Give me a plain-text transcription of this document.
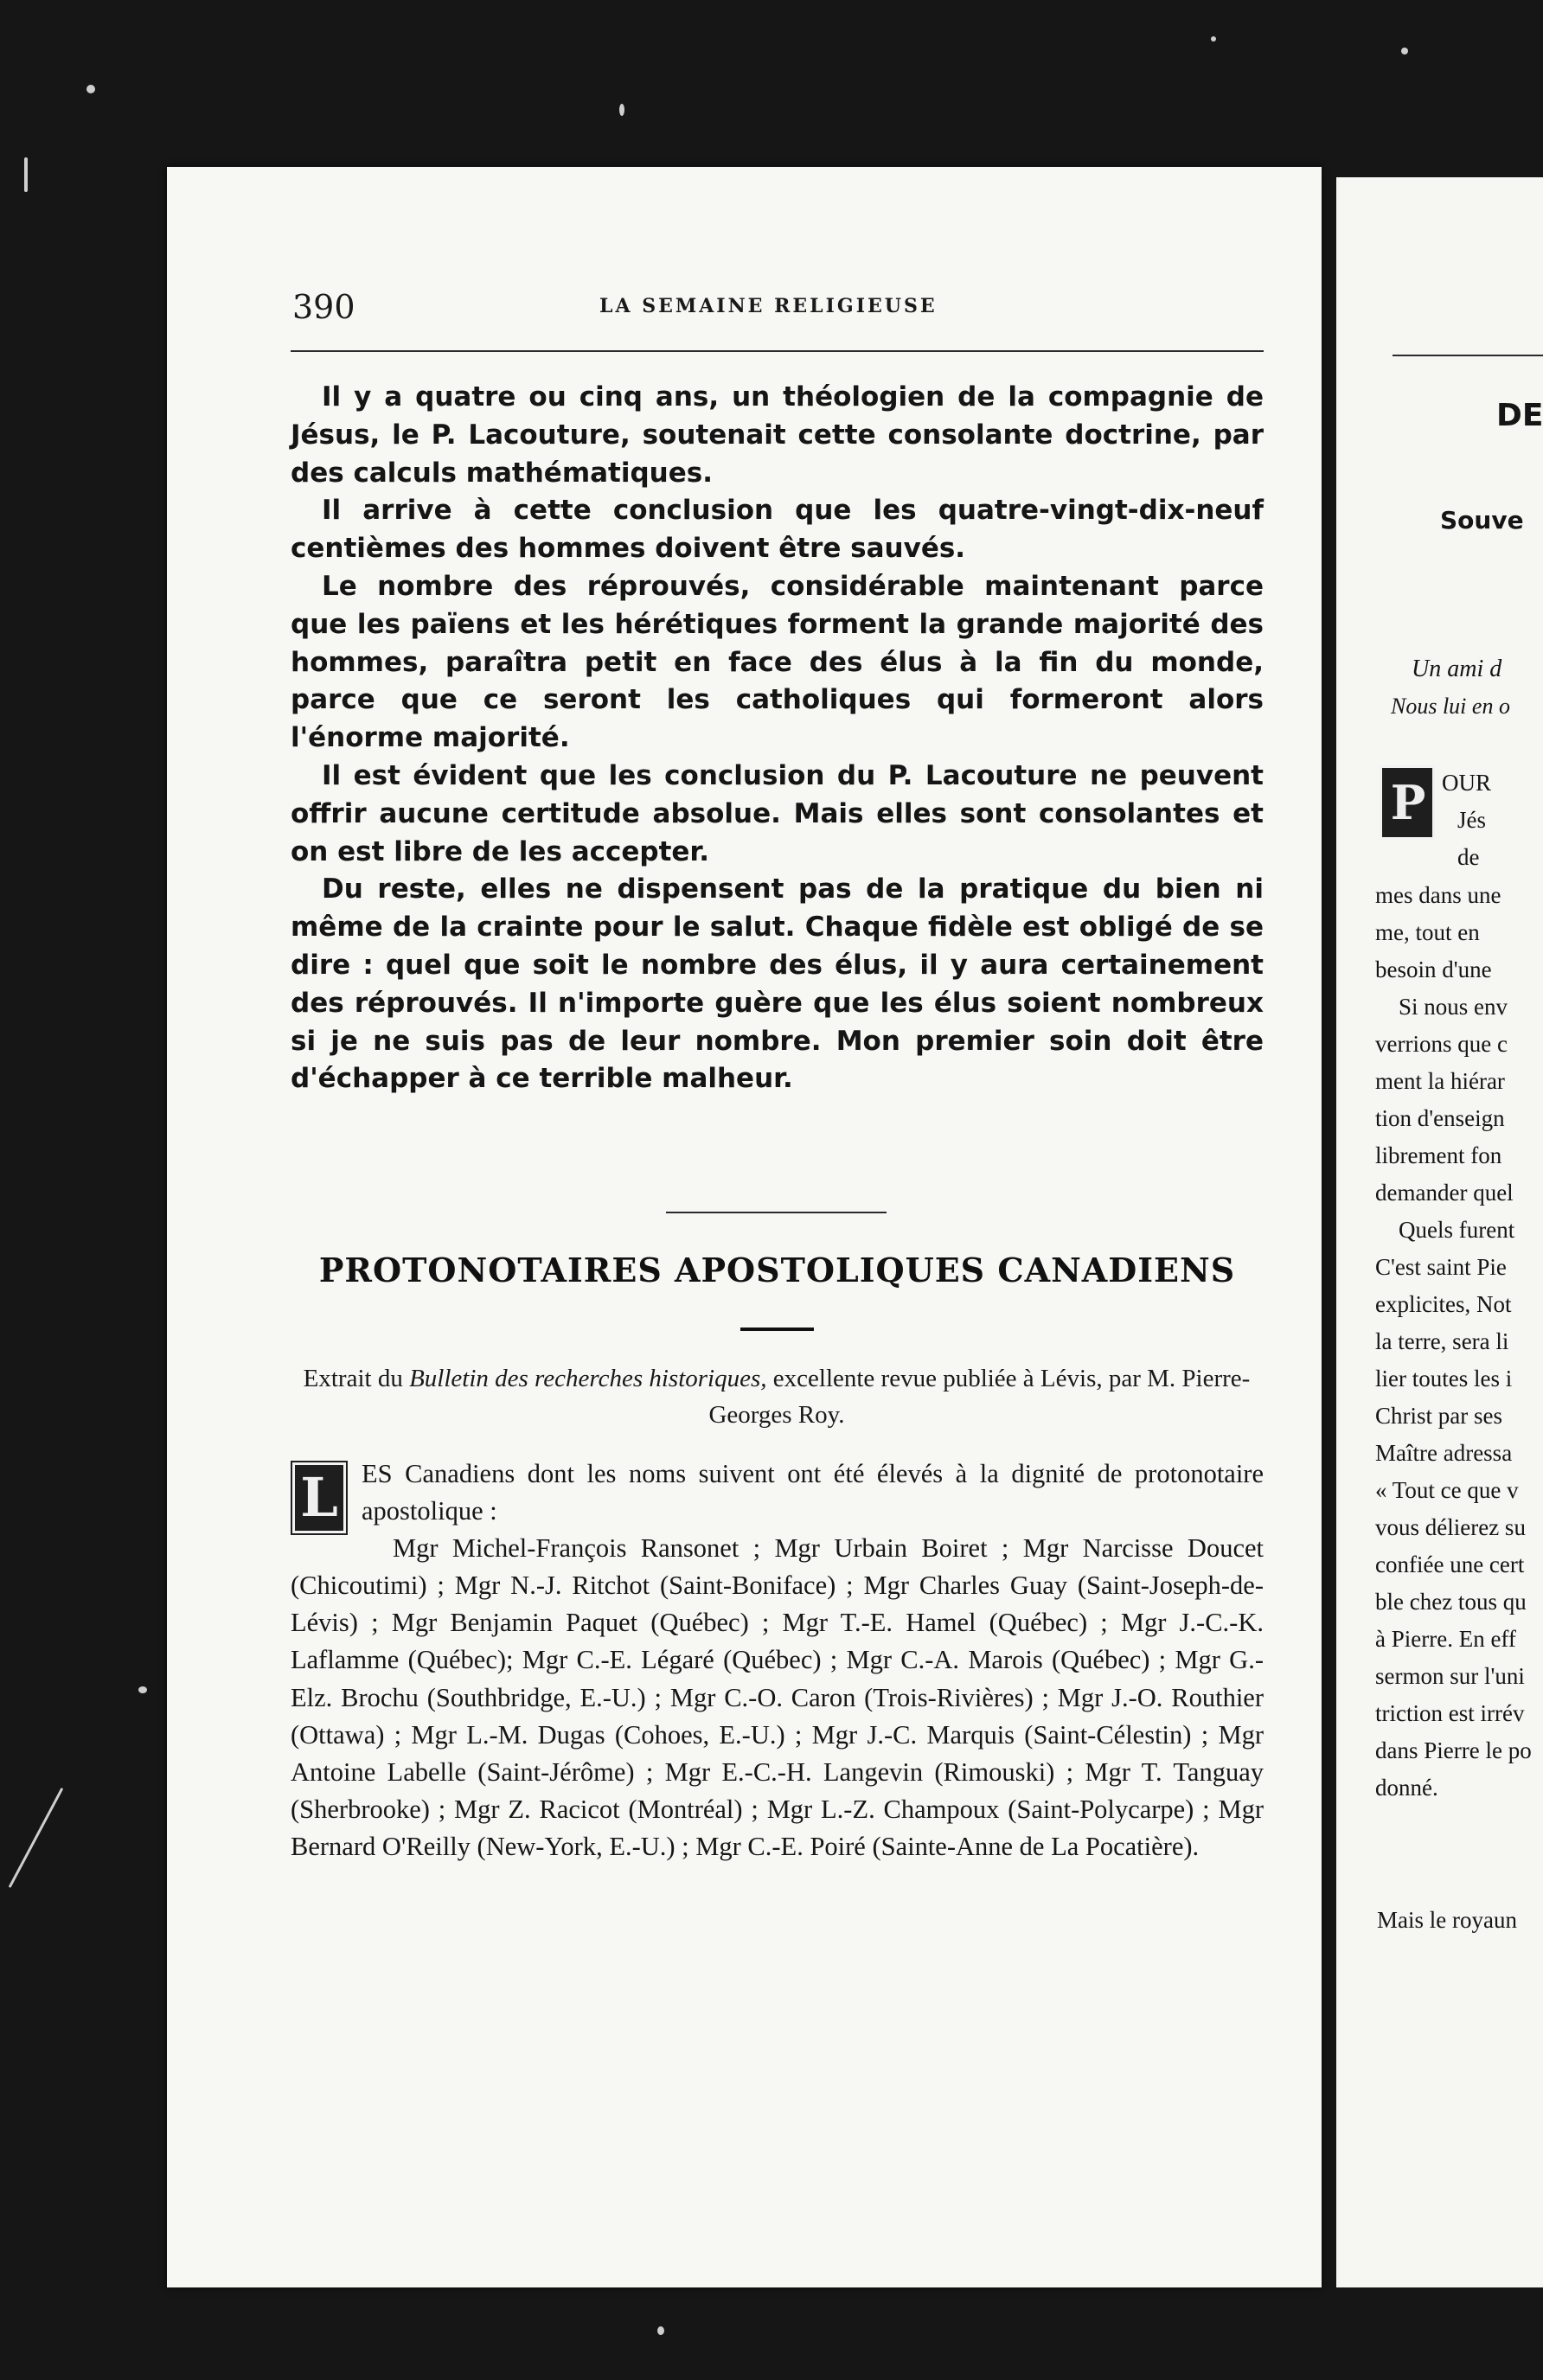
390	LA SEMAINE RELIGIEUSE

Il y a quatre ou cinq ans, un théologien de la compagnie de Jésus, le P. Lacouture, soutenait cette consolante doctrine, par des calculs mathématiques.

Il arrive à cette conclusion que les quatre-vingt-dix-neuf centièmes des hommes doivent être sauvés.

Le nombre des réprouvés, considérable maintenant parce que les païens et les hérétiques forment la grande majorité des hommes, paraîtra petit en face des élus à la fin du monde, parce que ce seront les catholiques qui formeront alors l'énorme majorité.

Il est évident que les conclusion du P. Lacouture ne peuvent offrir aucune certitude absolue. Mais elles sont consolantes et on est libre de les accepter.

Du reste, elles ne dispensent pas de la pratique du bien ni même de la crainte pour le salut. Chaque fidèle est obligé de se dire : quel que soit le nombre des élus, il y aura certainement des réprouvés. Il n'importe guère que les élus soient nombreux si je ne suis pas de leur nombre. Mon premier soin doit être d'échapper à ce terrible malheur.

PROTONOTAIRES APOSTOLIQUES CANADIENS
Extrait du Bulletin des recherches historiques, excellente revue publiée à Lévis, par M. Pierre-Georges Roy.

L ES Canadiens dont les noms suivent ont été élevés à la dignité de protonotaire apostolique :

Mgr Michel-François Ransonet ; Mgr Urbain Boiret ; Mgr Narcisse Doucet (Chicoutimi) ; Mgr N.-J. Ritchot (Saint-Boniface) ; Mgr Charles Guay (Saint-Joseph-de-Lévis) ; Mgr Benjamin Paquet (Québec) ; Mgr T.-E. Hamel (Québec) ; Mgr J.-C.-K. Laflamme (Québec); Mgr C.-E. Légaré (Québec) ; Mgr C.-A. Marois (Québec) ; Mgr G.-Elz. Brochu (Southbridge, E.-U.) ; Mgr C.-O. Caron (Trois-Rivières) ; Mgr J.-O. Routhier (Ottawa) ; Mgr L.-M. Dugas (Cohoes, E.-U.) ; Mgr J.-C. Marquis (Saint-Célestin) ; Mgr Antoine Labelle (Saint-Jérôme) ; Mgr E.-C.-H. Langevin (Rimouski) ; Mgr T. Tanguay (Sherbrooke) ; Mgr Z. Racicot (Montréal) ; Mgr L.-Z. Champoux (Saint-Polycarpe) ; Mgr Bernard O'Reilly (New-York, E.-U.) ; Mgr C.-E. Poiré (Sainte-Anne de La Pocatière).

DE
Souve
Un ami d
Nous lui en o
P OUR
Jés
de
mes dans une
me, tout en
besoin d'une
Si nous env
verrions que c
ment la hiérar
tion d'enseign
librement fon
demander quel
Quels furent
C'est saint Pie
explicites, Not
la terre, sera li
lier toutes les i
Christ par ses
Maître adressa
« Tout ce que v
vous délierez su
confiée une cert
ble chez tous qu
à Pierre. En eff
sermon sur l'uni
triction est irrév
dans Pierre le po
donné.
Mais le royaun
